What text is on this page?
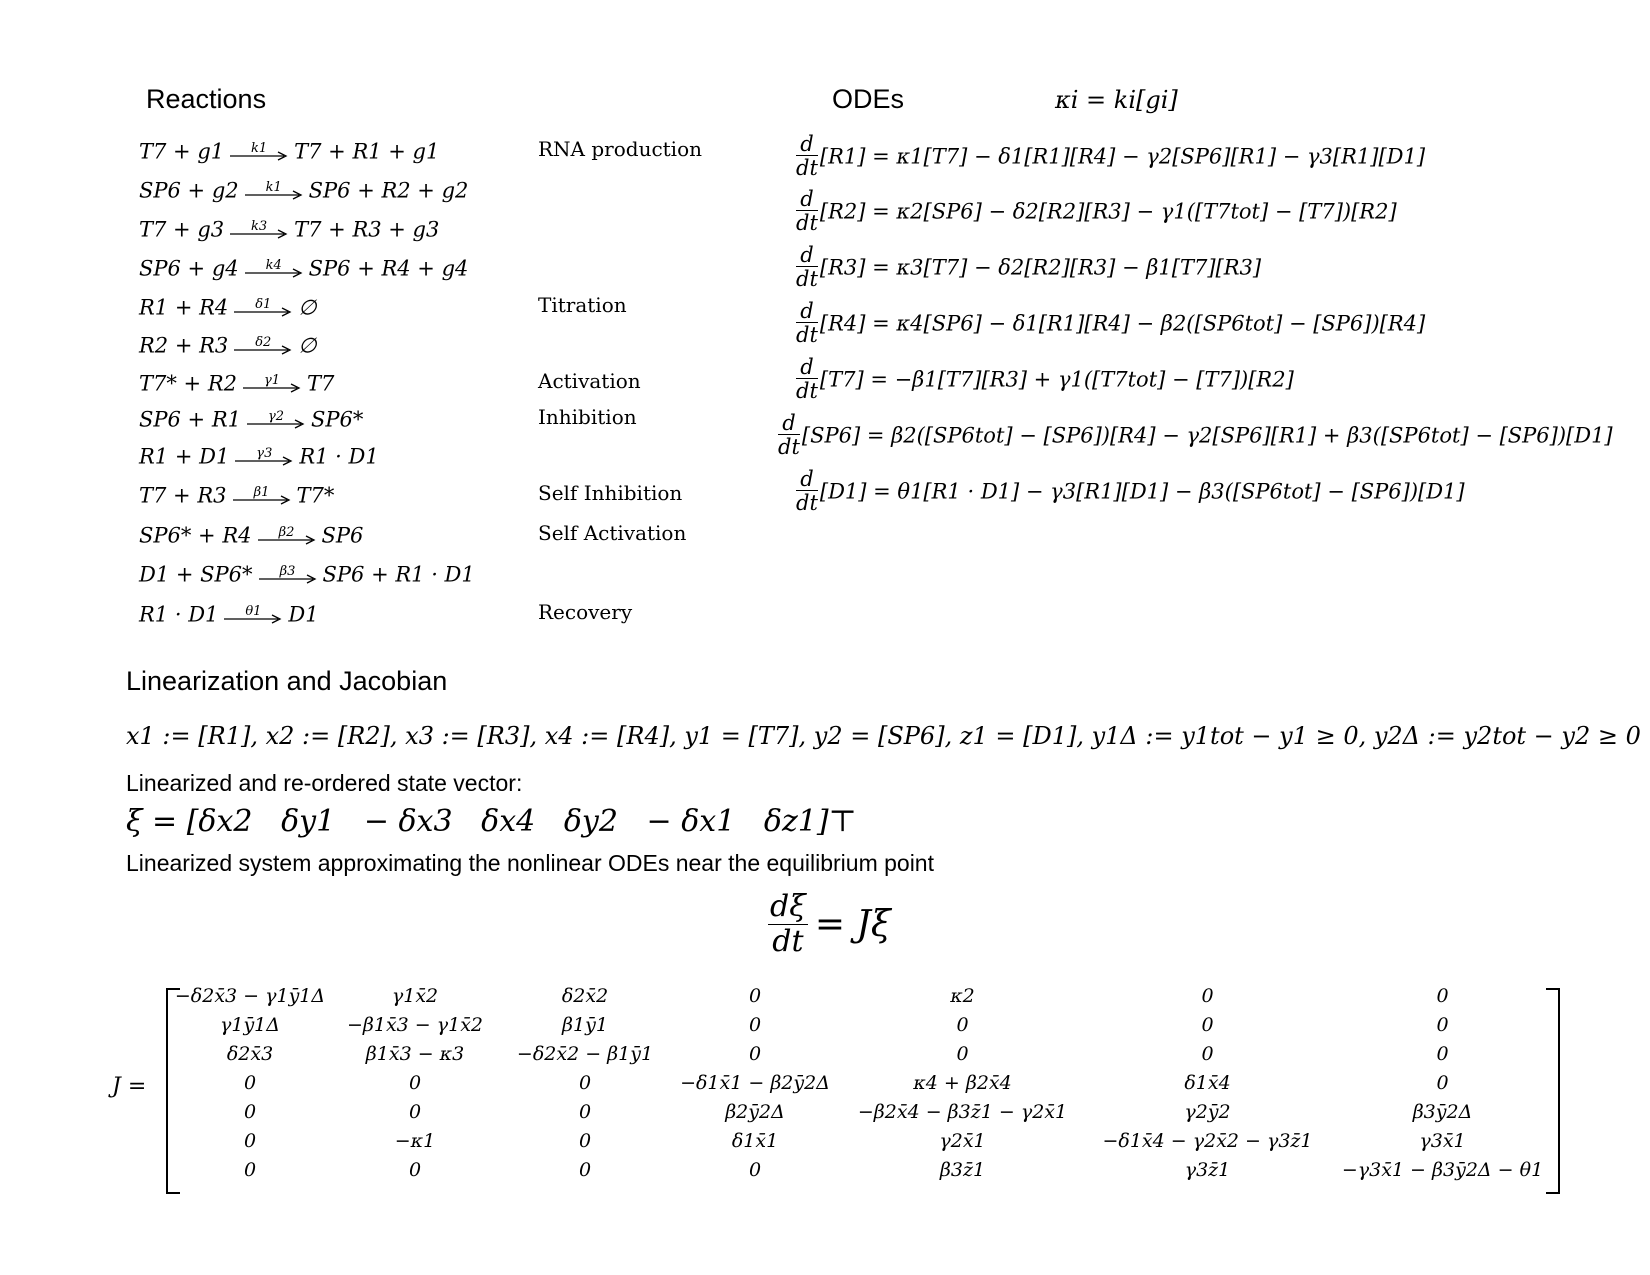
Reactions	ODEs	κi = ki[gi]
T7 + g1	k1	T7 + R1 + g1	RNA production
SP6 + g2	k1	SP6 + R2 + g2
T7 + g3	k3	T7 + R3 + g3
SP6 + g4	k4	SP6 + R4 + g4
R1 + R4	δ1	∅	Titration
R2 + R3	δ2	∅
T7* + R2	γ1	T7	Activation
SP6 + R1	γ2	SP6*	Inhibition
R1 + D1	γ3	R1 · D1
T7 + R3	β1	T7*	Self Inhibition
SP6* + R4	β2	SP6	Self Activation
D1 + SP6*	β3	SP6 + R1 · D1
R1 · D1	θ1	D1	Recovery
$\frac{d}{dt} [R1] = \kappa 1[T7] - \delta 1[R1][R4] - \gamma 2[SP6][R1] - \gamma 3[R1][D1]$
$\frac{d}{dt} [R2] = \kappa 2[SP6] - \delta 2[R2][R3] - \gamma 1([T7tot] - [T7])[R2]$
$\frac{d}{dt} [R3] = \kappa 3[T7] - \delta 2[R2][R3] - \beta 1[T7][R3]$
$\frac{d}{dt} [R4] = \kappa 4[SP6] - \delta 1[R1][R4] - \beta 2([SP6tot] - [SP6])[R4]$
$\frac{d}{dt} [T7] = -\beta 1[T7][R3] + \gamma 1([T7tot] - [T7])[R2]$
$\frac{d}{dt} [SP6] = \beta 2([SP6tot] - [SP6])[R4] - \gamma 2[SP6][R1] + \beta 3([SP6tot] - [SP6])[D1]$
$\frac{d}{dt} [D1] = \theta 1[R1 \cdot D1] - \gamma 3[R1][D1] - \beta 3([SP6tot] - [SP6])[D1]$
Linearization and Jacobian
x1 := [R1], x2 := [R2], x3 := [R3], x4 := [R4], y1 = [T7], y2 = [SP6], z1 = [D1], y1Δ := y1tot − y1 ≥ 0, y2Δ := y2tot − y2 ≥ 0
Linearized and re-ordered state vector:
ξ = [δx2   δy1   − δx3   δx4   δy2   − δx1   δz1]⊤
Linearized system approximating the nonlinear ODEs near the equilibrium point
$\frac{d\xi}{dt} = J\xi$
J =
−δ2x̄3 − γ1ȳ1Δ	γ1x̄2	δ2x̄2	0	κ2	0	0
γ1ȳ1Δ	−β1x̄3 − γ1x̄2	β1ȳ1	0	0	0	0
δ2x̄3	β1x̄3 − κ3	−δ2x̄2 − β1ȳ1	0	0	0	0
0	0	0	−δ1x̄1 − β2ȳ2Δ	κ4 + β2x̄4	δ1x̄4	0
0	0	0	β2ȳ2Δ	−β2x̄4 − β3z̄1 − γ2x̄1	γ2ȳ2	β3ȳ2Δ
0	−κ1	0	δ1x̄1	γ2x̄1	−δ1x̄4 − γ2x̄2 − γ3z̄1	γ3x̄1
0	0	0	0	β3z̄1	γ3z̄1	−γ3x̄1 − β3ȳ2Δ − θ1
